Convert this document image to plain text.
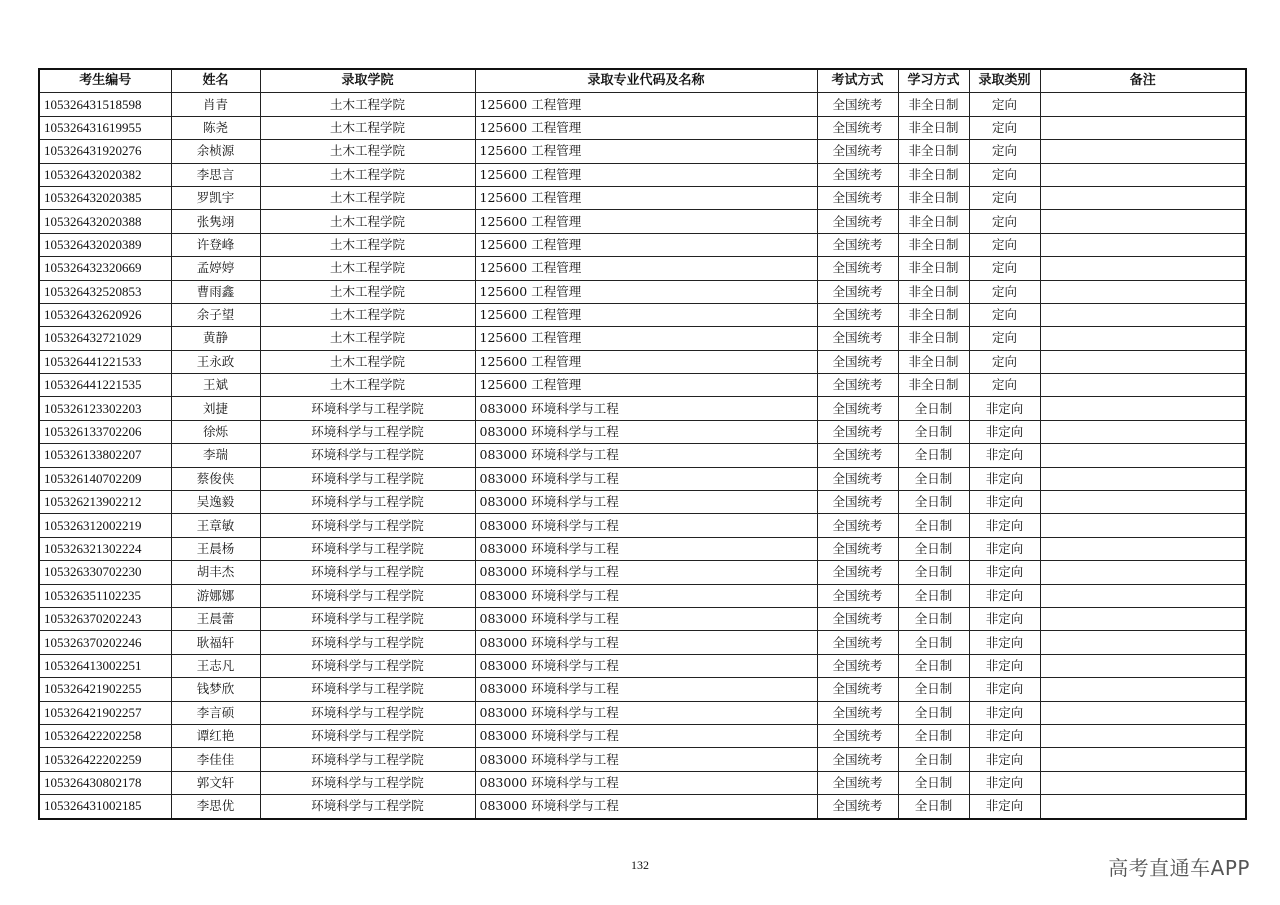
考生编号	姓名	录取学院	录取专业代码及名称	考试方式	学习方式	录取类别	备注
105326431518598	肖青	土木工程学院	125600 工程管理	全国统考	非全日制	定向	
105326431619955	陈尧	土木工程学院	125600 工程管理	全国统考	非全日制	定向	
105326431920276	余桢源	土木工程学院	125600 工程管理	全国统考	非全日制	定向	
105326432020382	李思言	土木工程学院	125600 工程管理	全国统考	非全日制	定向	
105326432020385	罗凯宇	土木工程学院	125600 工程管理	全国统考	非全日制	定向	
105326432020388	张隽翊	土木工程学院	125600 工程管理	全国统考	非全日制	定向	
105326432020389	许登峰	土木工程学院	125600 工程管理	全国统考	非全日制	定向	
105326432320669	孟婷婷	土木工程学院	125600 工程管理	全国统考	非全日制	定向	
105326432520853	曹雨鑫	土木工程学院	125600 工程管理	全国统考	非全日制	定向	
105326432620926	余子望	土木工程学院	125600 工程管理	全国统考	非全日制	定向	
105326432721029	黄静	土木工程学院	125600 工程管理	全国统考	非全日制	定向	
105326441221533	王永政	土木工程学院	125600 工程管理	全国统考	非全日制	定向	
105326441221535	王斌	土木工程学院	125600 工程管理	全国统考	非全日制	定向	
105326123302203	刘捷	环境科学与工程学院	083000 环境科学与工程	全国统考	全日制	非定向	
105326133702206	徐烁	环境科学与工程学院	083000 环境科学与工程	全国统考	全日制	非定向	
105326133802207	李瑞	环境科学与工程学院	083000 环境科学与工程	全国统考	全日制	非定向	
105326140702209	蔡俊侠	环境科学与工程学院	083000 环境科学与工程	全国统考	全日制	非定向	
105326213902212	吴逸毅	环境科学与工程学院	083000 环境科学与工程	全国统考	全日制	非定向	
105326312002219	王章敏	环境科学与工程学院	083000 环境科学与工程	全国统考	全日制	非定向	
105326321302224	王晨杨	环境科学与工程学院	083000 环境科学与工程	全国统考	全日制	非定向	
105326330702230	胡丰杰	环境科学与工程学院	083000 环境科学与工程	全国统考	全日制	非定向	
105326351102235	游娜娜	环境科学与工程学院	083000 环境科学与工程	全国统考	全日制	非定向	
105326370202243	王晨蕾	环境科学与工程学院	083000 环境科学与工程	全国统考	全日制	非定向	
105326370202246	耿福轩	环境科学与工程学院	083000 环境科学与工程	全国统考	全日制	非定向	
105326413002251	王志凡	环境科学与工程学院	083000 环境科学与工程	全国统考	全日制	非定向	
105326421902255	钱梦欣	环境科学与工程学院	083000 环境科学与工程	全国统考	全日制	非定向	
105326421902257	李言硕	环境科学与工程学院	083000 环境科学与工程	全国统考	全日制	非定向	
105326422202258	谭红艳	环境科学与工程学院	083000 环境科学与工程	全国统考	全日制	非定向	
105326422202259	李佳佳	环境科学与工程学院	083000 环境科学与工程	全国统考	全日制	非定向	
105326430802178	郭文轩	环境科学与工程学院	083000 环境科学与工程	全国统考	全日制	非定向	
105326431002185	李思优	环境科学与工程学院	083000 环境科学与工程	全国统考	全日制	非定向	
132	高考直通车APP
